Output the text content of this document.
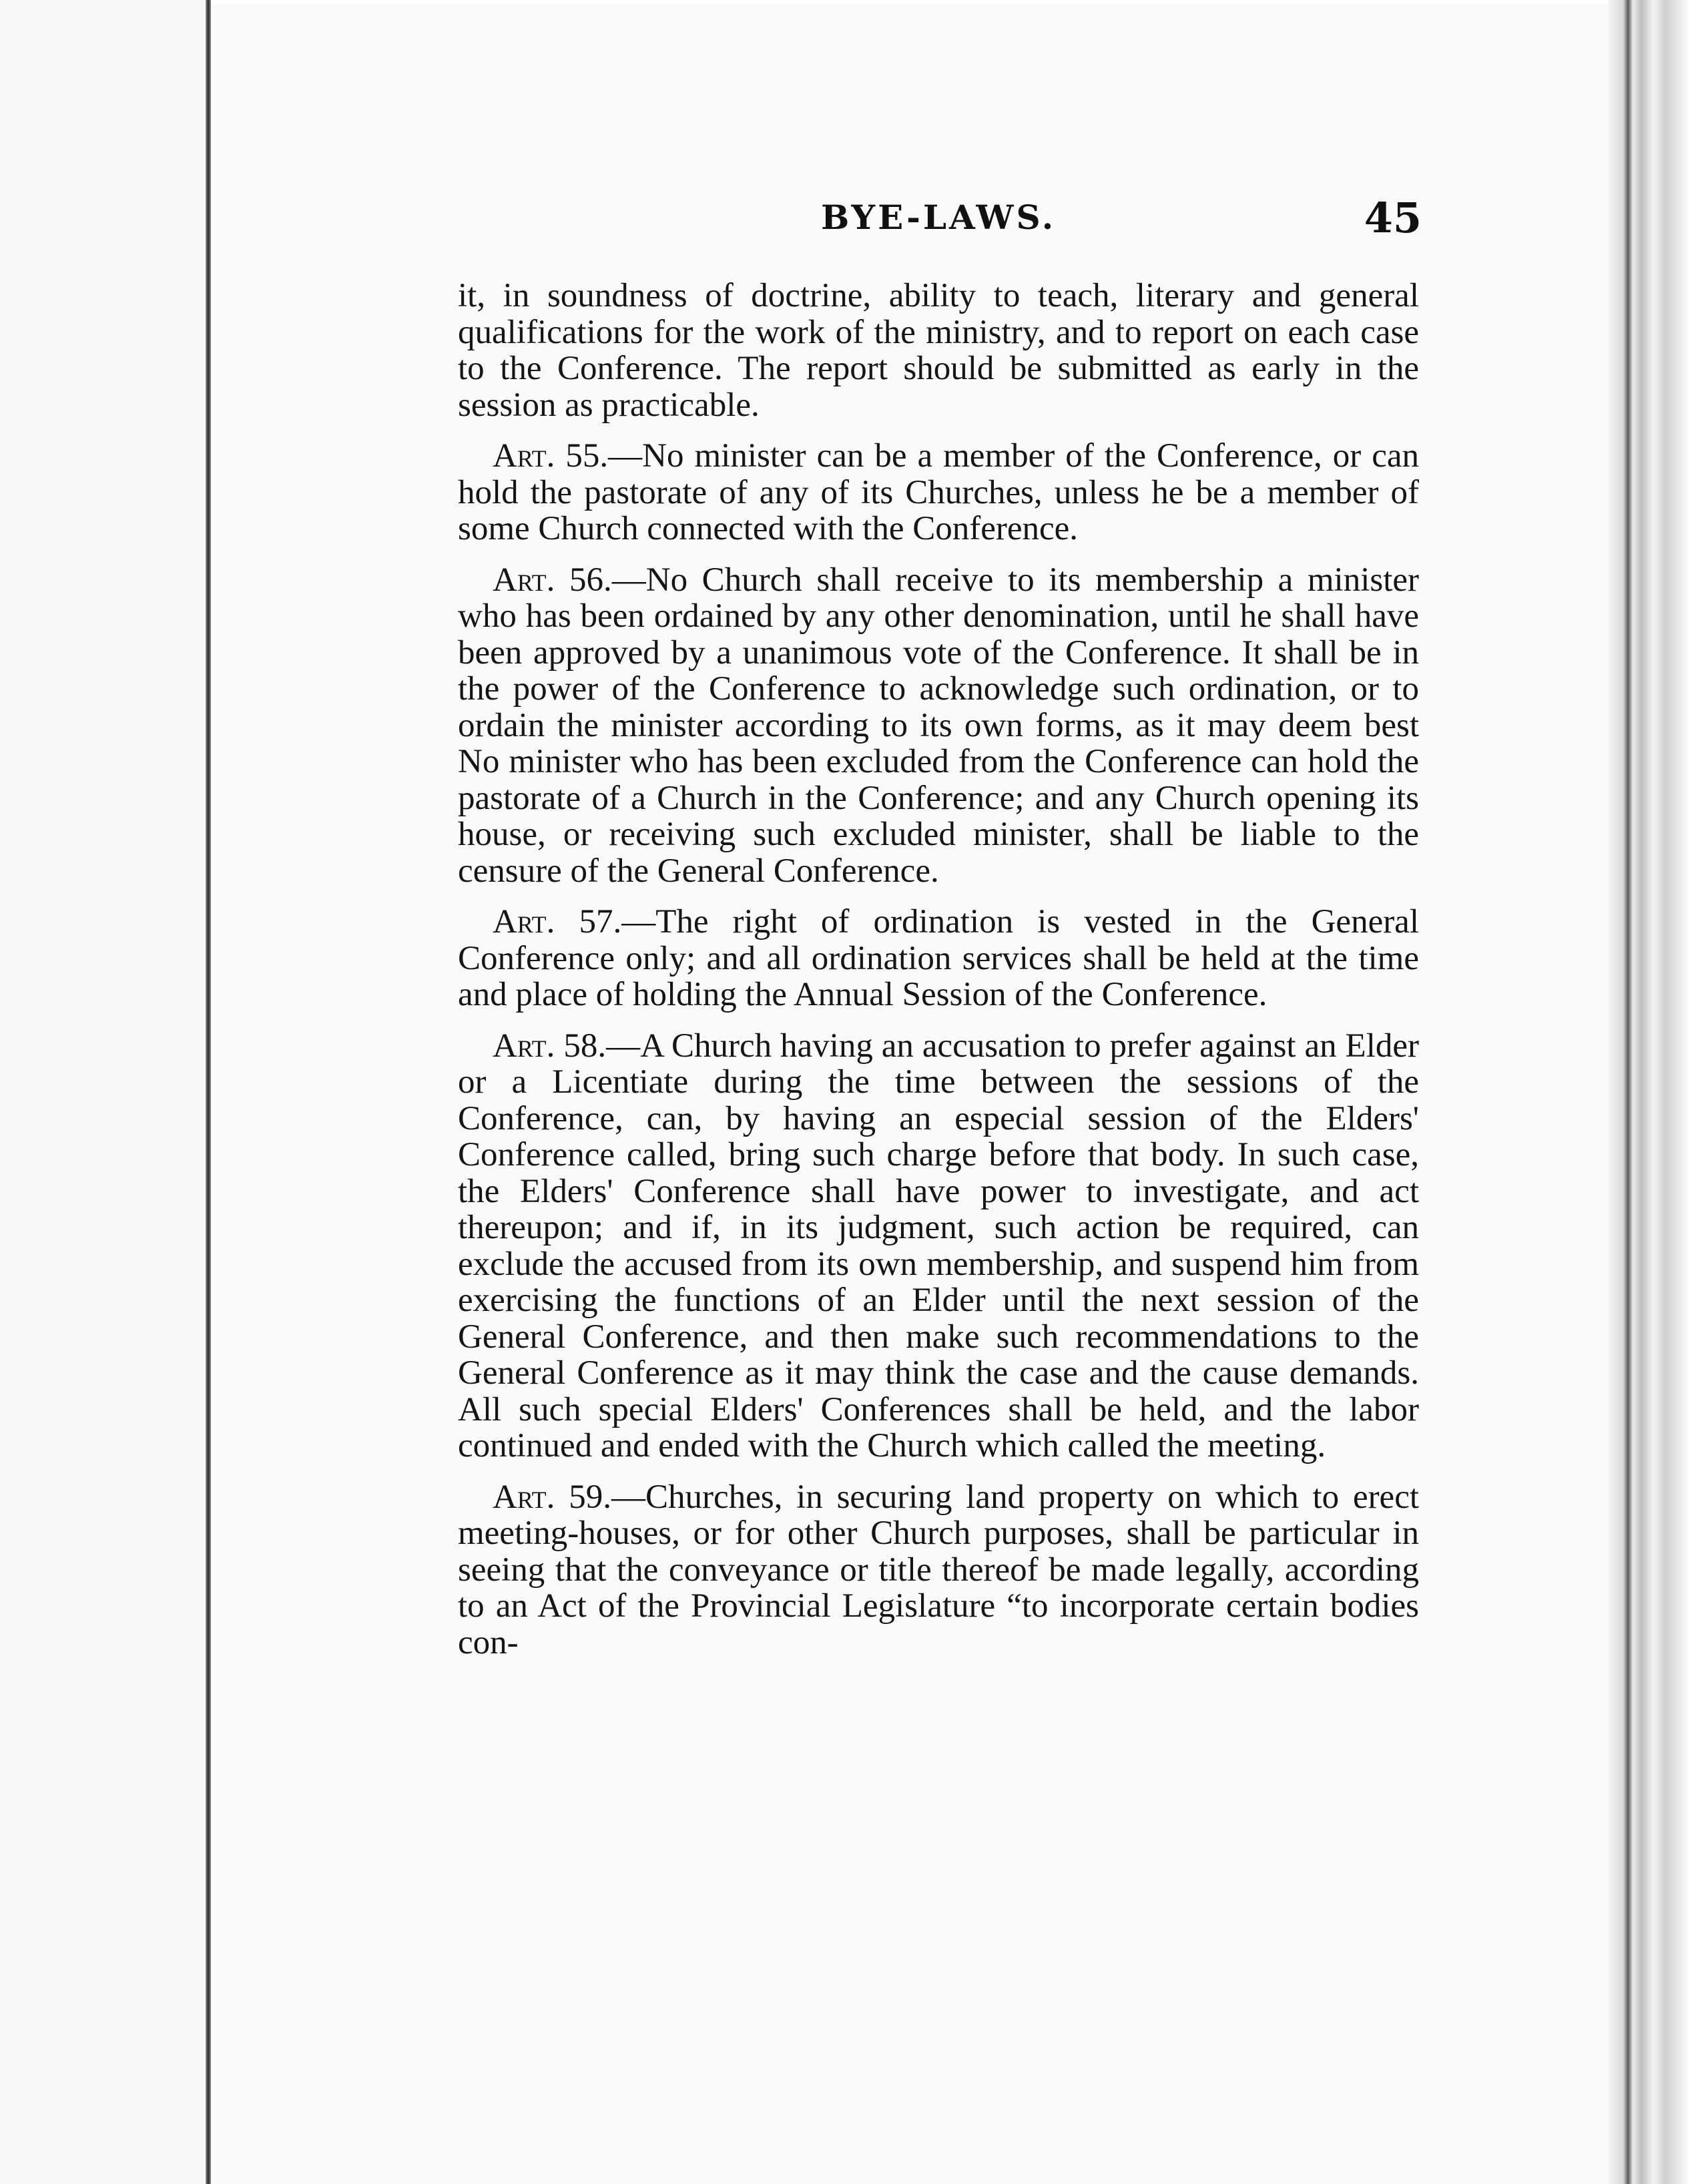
BYE-LAWS.	45

it, in soundness of doctrine, ability to teach, literary and general qualifications for the work of the ministry, and to report on each case to the Conference. The report should be submitted as early in the session as practicable.

Art. 55.—No minister can be a member of the Conference, or can hold the pastorate of any of its Churches, unless he be a member of some Church connected with the Conference.

Art. 56.—No Church shall receive to its membership a minister who has been ordained by any other denomination, until he shall have been approved by a unanimous vote of the Conference. It shall be in the power of the Conference to acknowledge such ordination, or to ordain the minister according to its own forms, as it may deem best No minister who has been excluded from the Conference can hold the pastorate of a Church in the Conference; and any Church opening its house, or receiving such excluded minister, shall be liable to the censure of the General Conference.

Art. 57.—The right of ordination is vested in the General Conference only; and all ordination services shall be held at the time and place of holding the Annual Session of the Conference.

Art. 58.—A Church having an accusation to prefer against an Elder or a Licentiate during the time between the sessions of the Conference, can, by having an especial session of the Elders' Conference called, bring such charge before that body. In such case, the Elders' Conference shall have power to investigate, and act thereupon; and if, in its judgment, such action be required, can exclude the accused from its own membership, and suspend him from exercising the functions of an Elder until the next session of the General Conference, and then make such recommendations to the General Conference as it may think the case and the cause demands. All such special Elders' Conferences shall be held, and the labor continued and ended with the Church which called the meeting.

Art. 59.—Churches, in securing land property on which to erect meeting-houses, or for other Church purposes, shall be particular in seeing that the conveyance or title thereof be made legally, according to an Act of the Provincial Legislature “to incorporate certain bodies con-
